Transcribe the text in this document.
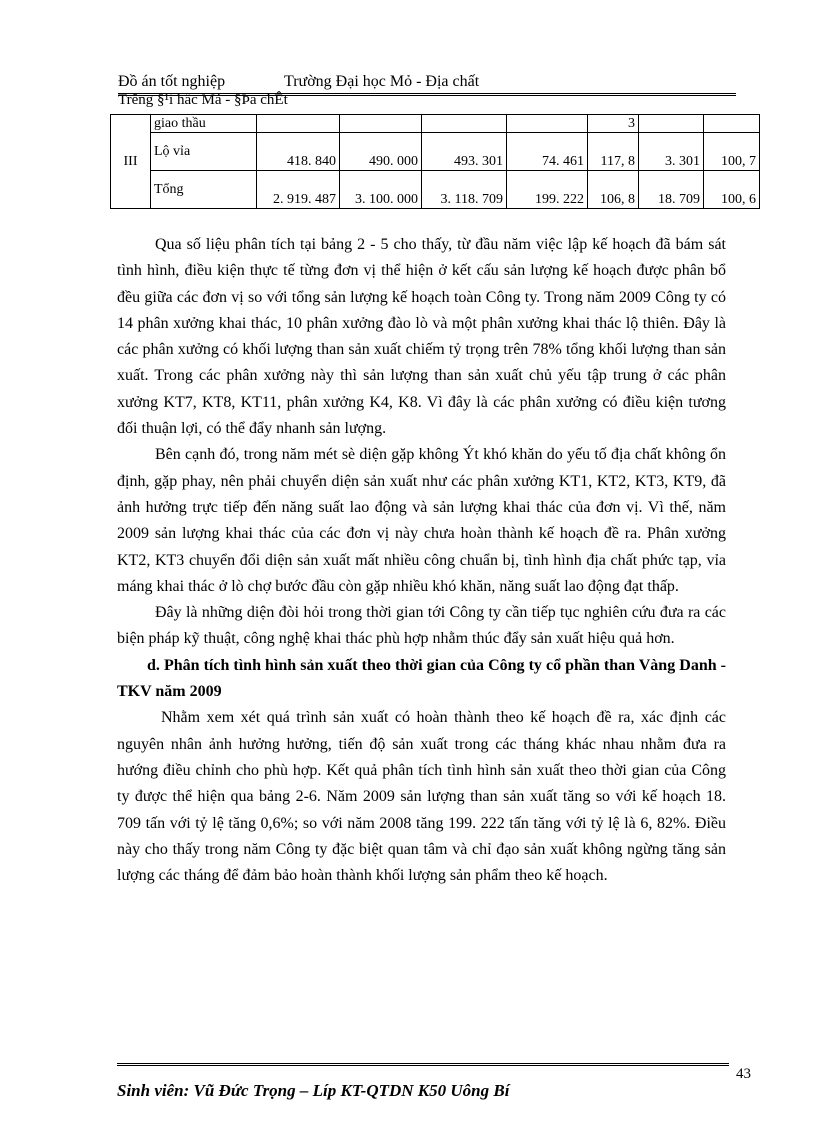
Đồ án tốt nghiệp	Trường Đại học Mỏ - Địa chất
Trêng §¹i häc Má - §Þa chÊt
III	giao thầu					3		
	Lộ vỉa	418. 840	490. 000	493. 301	74. 461	117, 8	3. 301	100, 7
	Tổng	2. 919. 487	3. 100. 000	3. 118. 709	199. 222	106, 8	18. 709	100, 6

Qua số liệu phân tích tại bảng 2 - 5 cho thấy, từ đầu năm việc lập kế hoạch đã bám sát tình hình, điều kiện thực tế từng đơn vị thể hiện ở kết cấu sản lượng kế hoạch được phân bổ đều giữa các đơn vị so với tổng sản lượng kế hoạch toàn Công ty. Trong năm 2009 Công ty có 14 phân xưởng khai thác, 10 phân xưởng đào lò và một phân xưởng khai thác lộ thiên. Đây là các phân xưởng có khối lượng than sản xuất chiếm tỷ trọng trên 78% tổng khối lượng than sản xuất. Trong các phân xưởng này thì sản lượng than sản xuất chủ yếu tập trung ở các phân xưởng KT7, KT8, KT11, phân xưởng K4, K8. Vì đây là các phân xưởng có điều kiện tương đối thuận lợi, có thể đẩy nhanh sản lượng.

Bên cạnh đó, trong năm mét sè diện gặp không Ýt khó khăn do yếu tố địa chất không ổn định, gặp phay, nên phải chuyển diện sản xuất như các phân xưởng KT1, KT2, KT3, KT9, đã ảnh hưởng trực tiếp đến năng suất lao động và sản lượng khai thác của đơn vị. Vì thế, năm 2009 sản lượng khai thác của các đơn vị này chưa hoàn thành kế hoạch đề ra. Phân xưởng KT2, KT3 chuyển đổi diện sản xuất mất nhiều công chuẩn bị, tình hình địa chất phức tạp, vỉa máng khai thác ở lò chợ bước đầu còn gặp nhiều khó khăn, năng suất lao động đạt thấp.

Đây là những diện đòi hỏi trong thời gian tới Công ty cần tiếp tục nghiên cứu đưa ra các biện pháp kỹ thuật, công nghệ khai thác phù hợp nhằm thúc đẩy sản xuất hiệu quả hơn.

d. Phân tích tình hình sản xuất theo thời gian của Công ty cổ phần than Vàng Danh - TKV năm 2009

Nhằm xem xét quá trình sản xuất có hoàn thành theo kế hoạch đề ra, xác định các nguyên nhân ảnh hưởng hưởng, tiến độ sản xuất trong các tháng khác nhau nhằm đưa ra hướng điều chỉnh cho phù hợp. Kết quả phân tích tình hình sản xuất theo thời gian của Công ty được thể hiện qua bảng 2-6. Năm 2009 sản lượng than sản xuất tăng so với kế hoạch 18. 709 tấn với tỷ lệ tăng 0,6%; so với năm 2008 tăng 199. 222 tấn tăng với tỷ lệ là 6, 82%. Điều này cho thấy trong năm Công ty đặc biệt quan tâm và chỉ đạo sản xuất không ngừng tăng sản lượng các tháng để đảm bảo hoàn thành khối lượng sản phẩm theo kế hoạch.

43
Sinh viên: Vũ Đức Trọng – Líp KT-QTDN K50 Uông Bí
